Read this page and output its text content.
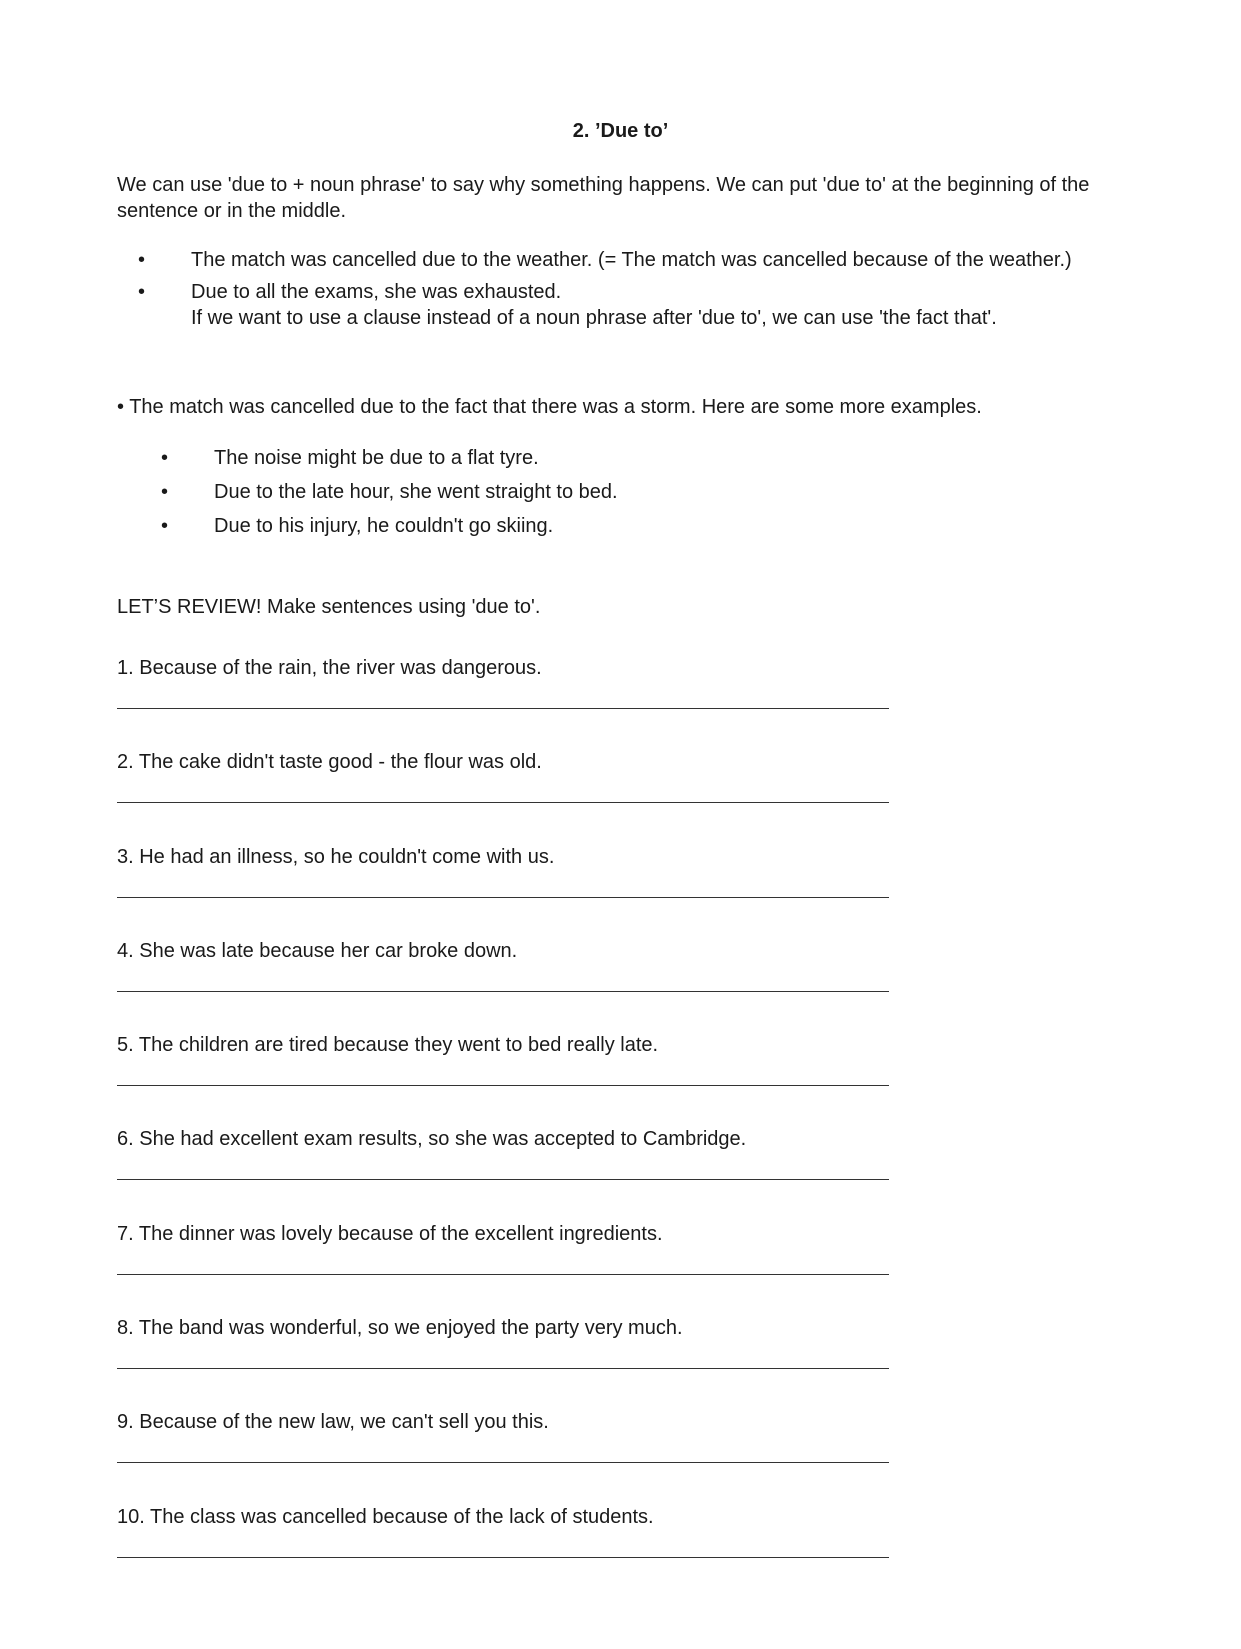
2. ’Due to’

We can use 'due to + noun phrase' to say why something happens. We can put 'due to' at the beginning of the sentence or in the middle.

• The match was cancelled due to the weather. (= The match was cancelled because of the weather.)
• Due to all the exams, she was exhausted.
If we want to use a clause instead of a noun phrase after 'due to', we can use 'the fact that'.

• The match was cancelled due to the fact that there was a storm. Here are some more examples.

• The noise might be due to a flat tyre.
• Due to the late hour, she went straight to bed.
• Due to his injury, he couldn't go skiing.

LET’S REVIEW! Make sentences using 'due to'.

1. Because of the rain, the river was dangerous.
2. The cake didn't taste good - the flour was old.
3. He had an illness, so he couldn't come with us.
4. She was late because her car broke down.
5. The children are tired because they went to bed really late.
6. She had excellent exam results, so she was accepted to Cambridge.
7. The dinner was lovely because of the excellent ingredients.
8. The band was wonderful, so we enjoyed the party very much.
9. Because of the new law, we can't sell you this.
10. The class was cancelled because of the lack of students.
